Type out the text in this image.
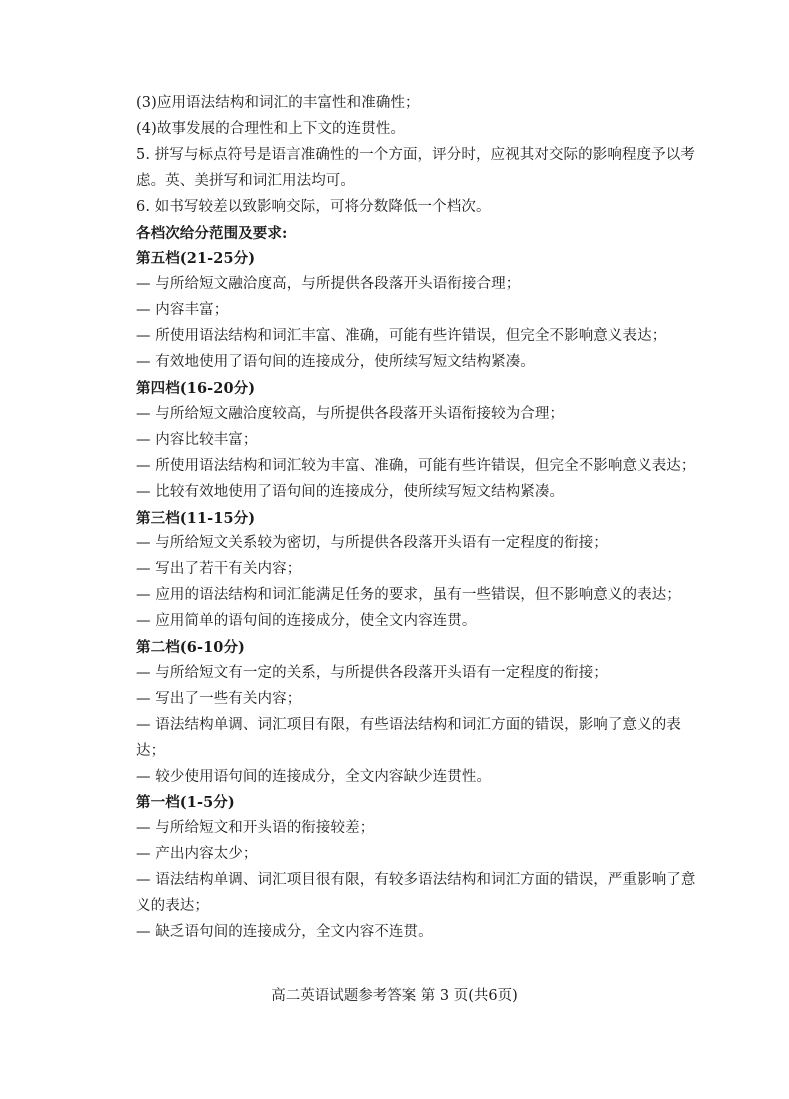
(3)应用语法结构和词汇的丰富性和准确性；
(4)故事发展的合理性和上下文的连贯性。
5. 拼写与标点符号是语言准确性的一个方面，评分时，应视其对交际的影响程度予以考
虑。英、美拼写和词汇用法均可。
6. 如书写较差以致影响交际，可将分数降低一个档次。
各档次给分范围及要求:
第五档(21-25分)
— 与所给短文融洽度高，与所提供各段落开头语衔接合理；
— 内容丰富；
— 所使用语法结构和词汇丰富、准确，可能有些许错误，但完全不影响意义表达；
— 有效地使用了语句间的连接成分，使所续写短文结构紧凑。
第四档(16-20分)
— 与所给短文融洽度较高，与所提供各段落开头语衔接较为合理；
— 内容比较丰富；
— 所使用语法结构和词汇较为丰富、准确，可能有些许错误，但完全不影响意义表达；
— 比较有效地使用了语句间的连接成分，使所续写短文结构紧凑。
第三档(11-15分)
— 与所给短文关系较为密切，与所提供各段落开头语有一定程度的衔接；
— 写出了若干有关内容；
— 应用的语法结构和词汇能满足任务的要求，虽有一些错误，但不影响意义的表达；
— 应用简单的语句间的连接成分，使全文内容连贯。
第二档(6-10分)
— 与所给短文有一定的关系，与所提供各段落开头语有一定程度的衔接；
— 写出了一些有关内容；
— 语法结构单调、词汇项目有限，有些语法结构和词汇方面的错误，影响了意义的表
达；
— 较少使用语句间的连接成分，全文内容缺少连贯性。
第一档(1-5分)
— 与所给短文和开头语的衔接较差；
— 产出内容太少；
— 语法结构单调、词汇项目很有限，有较多语法结构和词汇方面的错误，严重影响了意
义的表达；
— 缺乏语句间的连接成分，全文内容不连贯。
高二英语试题参考答案 第 3 页(共6页)
